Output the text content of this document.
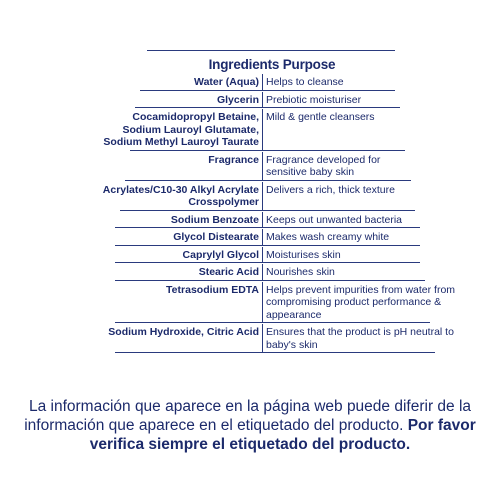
Ingredients Purpose
Water (Aqua) Helps to cleanse
Glycerin Prebiotic moisturiser
Cocamidopropyl Betaine,
Sodium Lauroyl Glutamate,
Sodium Methyl Lauroyl Taurate
Mild & gentle cleansers
Fragrance Fragrance developed for
sensitive baby skin
Acrylates/C10-30 Alkyl Acrylate
Crosspolymer
Delivers a rich, thick texture
Sodium Benzoate Keeps out unwanted bacteria
Glycol Distearate Makes wash creamy white
Caprylyl Glycol Moisturises skin
Stearic Acid Nourishes skin
Tetrasodium EDTA Helps prevent impurities from water from
compromising product performance &
appearance
Sodium Hydroxide, Citric Acid Ensures that the product is pH neutral to
baby's skin
La información que aparece en la página web puede diferir de la
información que aparece en el etiquetado del producto. Por favor
verifica siempre el etiquetado del producto.
